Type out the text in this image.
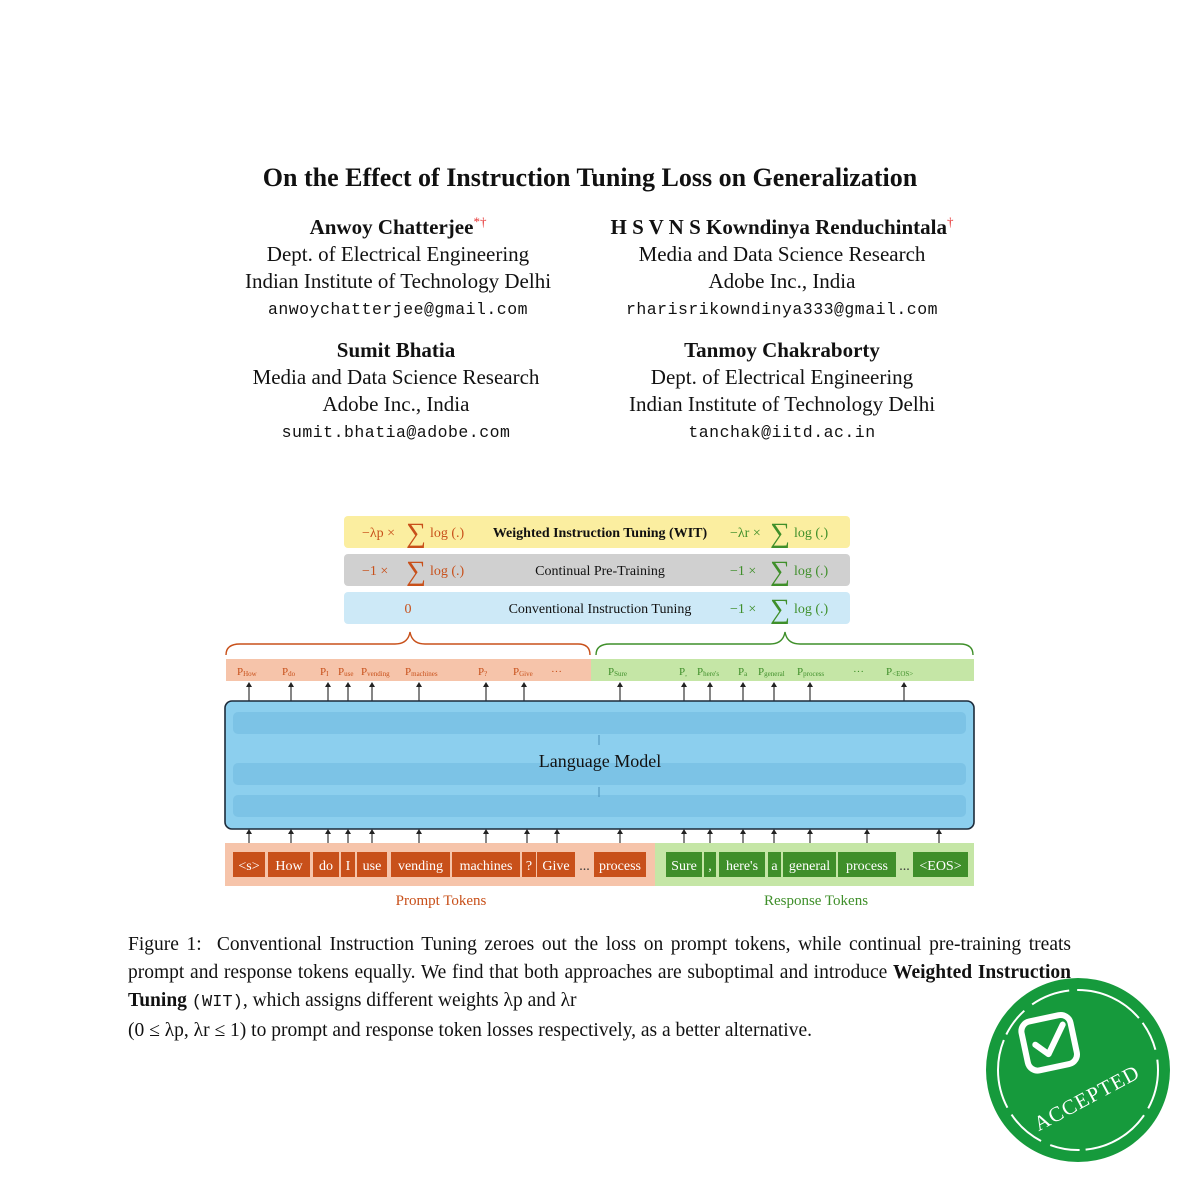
On the Effect of Instruction Tuning Loss on Generalization
Anwoy Chatterjee*†
Dept. of Electrical Engineering
Indian Institute of Technology Delhi
anwoychatterjee@gmail.com
H S V N S Kowndinya Renduchintala†
Media and Data Science Research
Adobe Inc., India
rharisrikowndinya333@gmail.com
Sumit Bhatia
Media and Data Science Research
Adobe Inc., India
sumit.bhatia@adobe.com
Tanmoy Chakraborty
Dept. of Electrical Engineering
Indian Institute of Technology Delhi
tanchak@iitd.ac.in
Weighted Instruction Tuning (WIT)
−λp × ∑ log (.)	−λr × ∑ log (.)
Continual Pre-Training
−1 × ∑ log (.)	−1 × ∑ log (.)
Conventional Instruction Tuning
0	−1 × ∑ log (.)
PHow Pdo PI Puse Pvending Pmachines	P? PGive ···	PSure	P, Phere's Pa Pgeneral Pprocess	··· P<EOS>
Language Model
<s> How do I use vending machines ? Give ... process Sure , here's a general process ... <EOS>
Prompt Tokens	Response Tokens
Figure 1: Conventional Instruction Tuning zeroes out the loss on prompt tokens, while continual pre-training treats prompt and response tokens equally. We find that both approaches are suboptimal and introduce Weighted Instruction Tuning (WIT), which assigns different weights λp and λr
(0 ≤ λp, λr ≤ 1) to prompt and response token losses respectively, as a better alternative.
ACCEPTED
